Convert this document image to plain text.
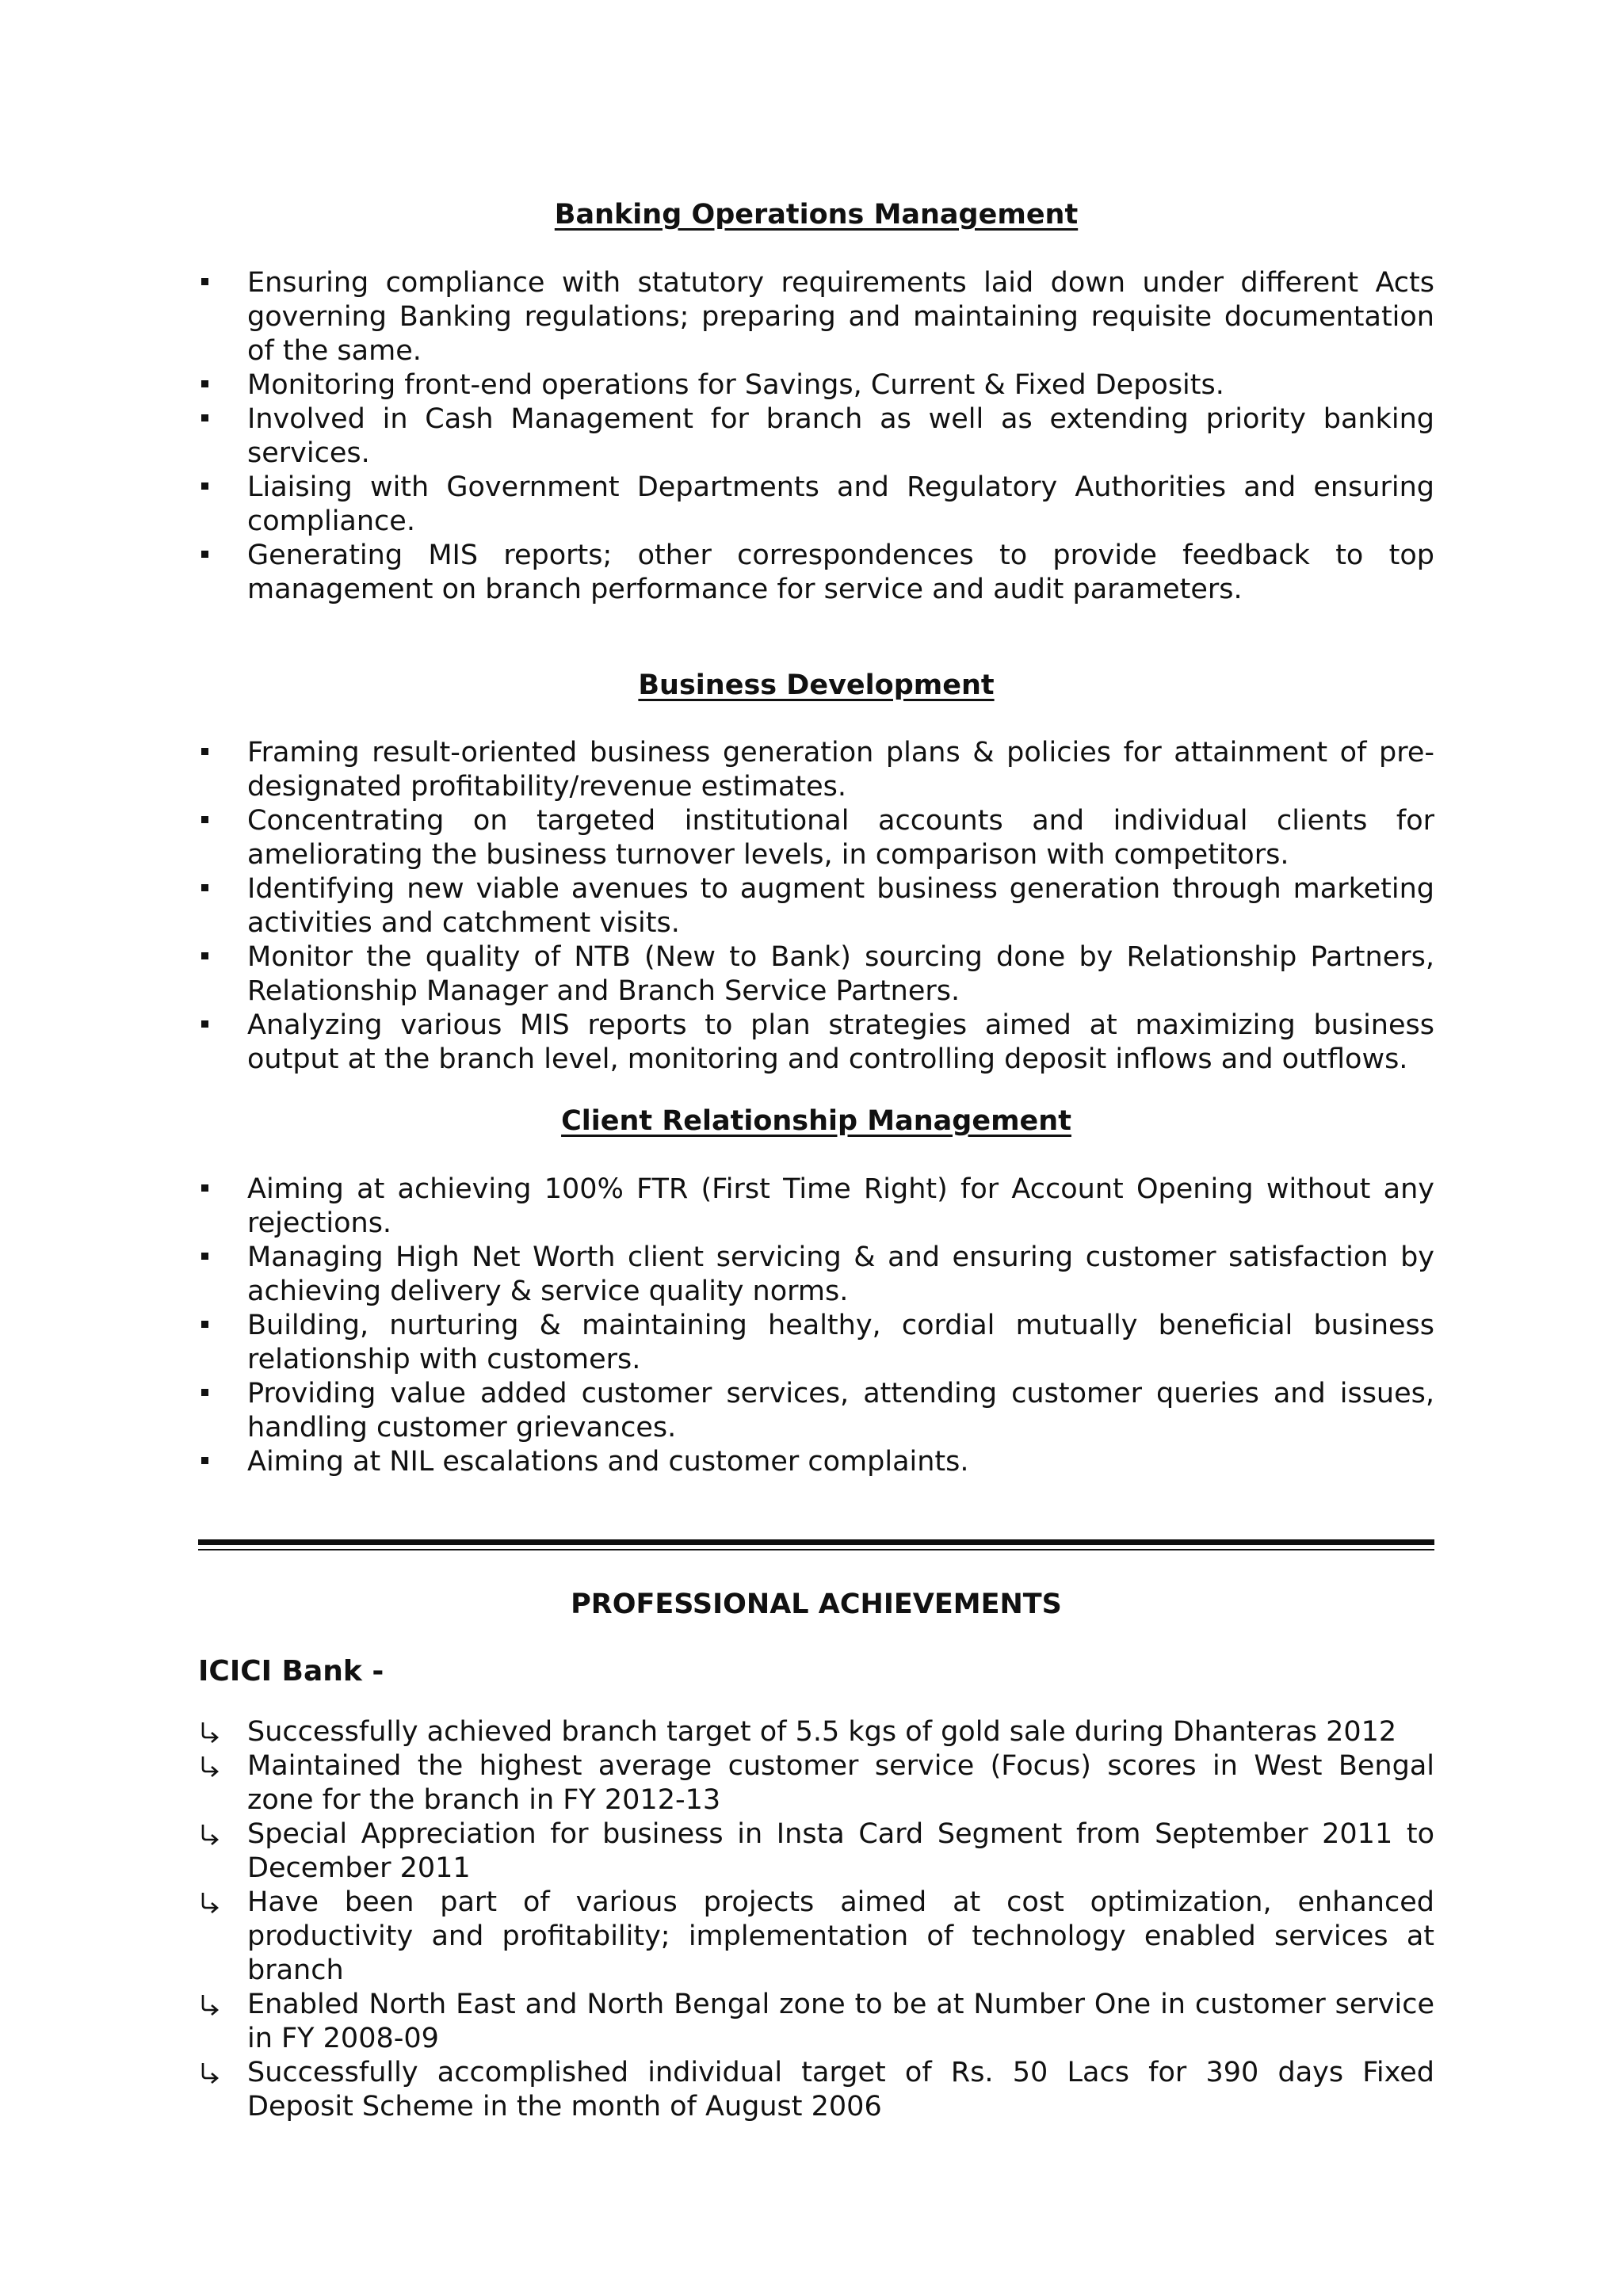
Banking Operations Management
Ensuring compliance with statutory requirements laid down under different Acts governing Banking regulations; preparing and maintaining requisite documentation of the same.
Monitoring front-end operations for Savings, Current & Fixed Deposits.
Involved in Cash Management for branch as well as extending priority banking services.
Liaising with Government Departments and Regulatory Authorities and ensuring compliance.
Generating MIS reports; other correspondences to provide feedback to top management on branch performance for service and audit parameters.
Business Development
Framing result-oriented business generation plans & policies for attainment of pre-designated profitability/revenue estimates.
Concentrating on targeted institutional accounts and individual clients for ameliorating the business turnover levels, in comparison with competitors.
Identifying new viable avenues to augment business generation through marketing activities and catchment visits.
Monitor the quality of NTB (New to Bank) sourcing done by Relationship Partners, Relationship Manager and Branch Service Partners.
Analyzing various MIS reports to plan strategies aimed at maximizing business output at the branch level, monitoring and controlling deposit inflows and outflows.
Client Relationship Management
Aiming at achieving 100% FTR (First Time Right) for Account Opening without any rejections.
Managing High Net Worth client servicing & and ensuring customer satisfaction by achieving delivery & service quality norms.
Building, nurturing & maintaining healthy, cordial mutually beneficial business relationship with customers.
Providing value added customer services, attending customer queries and issues, handling customer grievances.
Aiming at NIL escalations and customer complaints.
PROFESSIONAL ACHIEVEMENTS
ICICI Bank -
Successfully achieved branch target of 5.5 kgs of gold sale during Dhanteras 2012
Maintained the highest average customer service (Focus) scores in West Bengal zone for the branch in FY 2012-13
Special Appreciation for business in Insta Card Segment from September 2011 to December 2011
Have been part of various projects aimed at cost optimization, enhanced productivity and profitability; implementation of technology enabled services at branch
Enabled North East and North Bengal zone to be at Number One in customer service in FY 2008-09
Successfully accomplished individual target of Rs. 50 Lacs for 390 days Fixed Deposit Scheme in the month of August 2006
